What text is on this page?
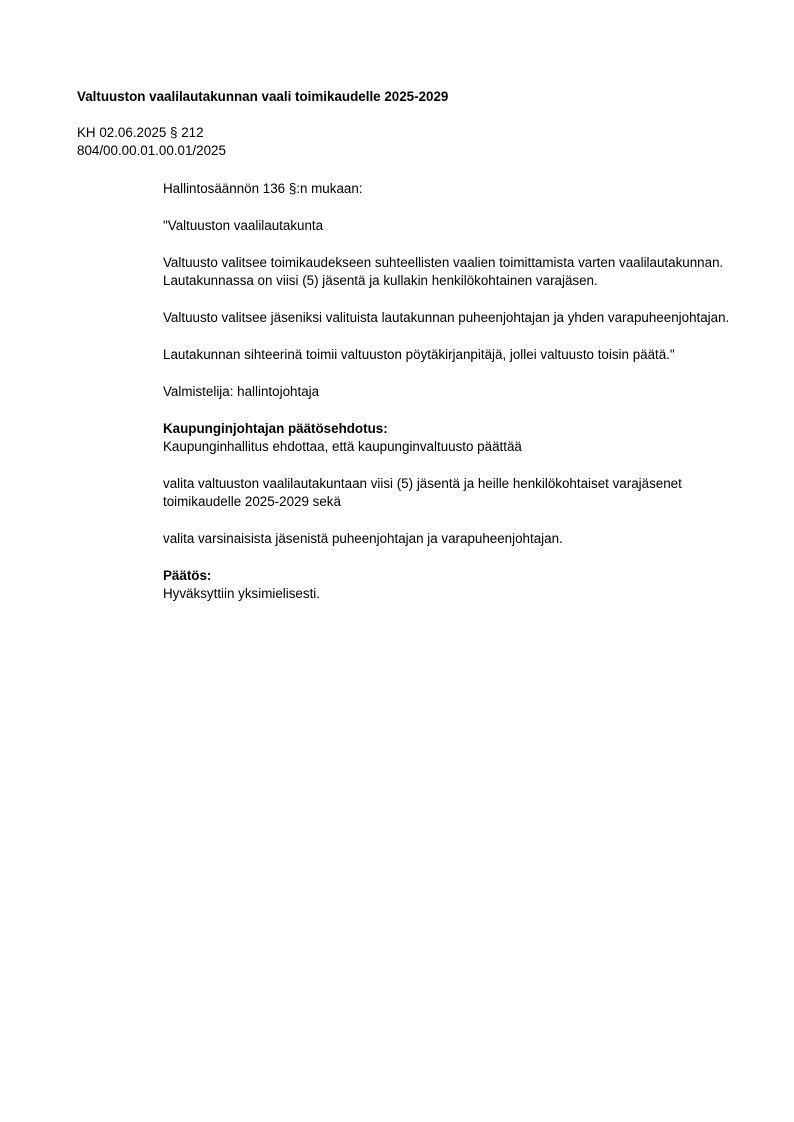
Valtuuston vaalilautakunnan vaali toimikaudelle 2025-2029
KH 02.06.2025 § 212
804/00.00.01.00.01/2025

Hallintosäännön 136 §:n mukaan:

"Valtuuston vaalilautakunta

Valtuusto valitsee toimikaudekseen suhteellisten vaalien toimittamista varten vaalilautakunnan. Lautakunnassa on viisi (5) jäsentä ja kullakin henkilökohtainen varajäsen.

Valtuusto valitsee jäseniksi valituista lautakunnan puheenjohtajan ja yhden varapuheenjohtajan.

Lautakunnan sihteerinä toimii valtuuston pöytäkirjanpitäjä, jollei valtuusto toisin päätä."

Valmistelija: hallintojohtaja

Kaupunginjohtajan päätösehdotus:
Kaupunginhallitus ehdottaa, että kaupunginvaltuusto päättää

valita valtuuston vaalilautakuntaan viisi (5) jäsentä ja heille henkilökohtaiset varajäsenet toimikaudelle 2025-2029 sekä

valita varsinaisista jäsenistä puheenjohtajan ja varapuheenjohtajan.

Päätös:
Hyväksyttiin yksimielisesti.
